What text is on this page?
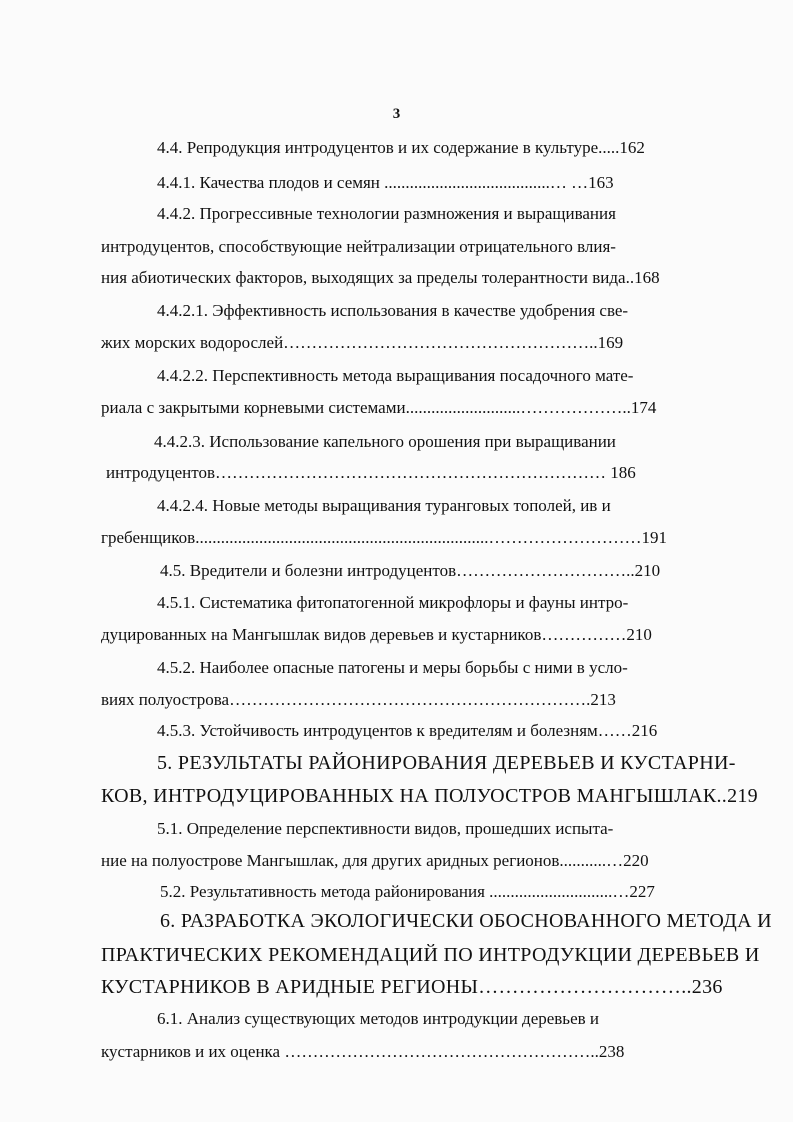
3
4.4. Репродукция интродуцентов и их содержание в культуре.....162
4.4.1. Качества плодов и семян .......................................… …163
4.4.2. Прогрессивные технологии размножения и выращивания
интродуцентов, способствующие нейтрализации отрицательного влия-
ния абиотических факторов, выходящих за пределы толерантности вида..168
4.4.2.1. Эффективность использования в качестве удобрения све-
жих морских водорослей………………………………………………..169
4.4.2.2. Перспективность метода выращивания посадочного мате-
риала с закрытыми корневыми системами...........................………………..174
4.4.2.3. Использование капельного орошения при выращивании
интродуцентов…………………………………………………………… 186
4.4.2.4. Новые методы выращивания туранговых тополей, ив и
гребенщиков.....................................................................………………………191
4.5. Вредители и болезни интродуцентов…………………………..210
4.5.1. Систематика фитопатогенной микрофлоры и фауны интро-
дуцированных на Мангышлак видов деревьев и кустарников……………210
4.5.2. Наиболее опасные патогены и меры борьбы с ними в усло-
виях полуострова……………………………………………………….213
4.5.3. Устойчивость интродуцентов к вредителям и болезням……216
5. РЕЗУЛЬТАТЫ РАЙОНИРОВАНИЯ ДЕРЕВЬЕВ И КУСТАРНИ-
КОВ, ИНТРОДУЦИРОВАННЫХ НА ПОЛУОСТРОВ МАНГЫШЛАК..219
5.1. Определение перспективности видов, прошедших испыта-
ние на полуострове Мангышлак, для других аридных регионов...........…220
5.2. Результативность метода районирования .............................…227
6. РАЗРАБОТКА ЭКОЛОГИЧЕСКИ ОБОСНОВАННОГО МЕТОДА И
ПРАКТИЧЕСКИХ РЕКОМЕНДАЦИЙ ПО ИНТРОДУКЦИИ ДЕРЕВЬЕВ И
КУСТАРНИКОВ В АРИДНЫЕ РЕГИОНЫ…………………………..236
6.1. Анализ существующих методов интродукции деревьев и
кустарников и их оценка ………………………………………………..238
